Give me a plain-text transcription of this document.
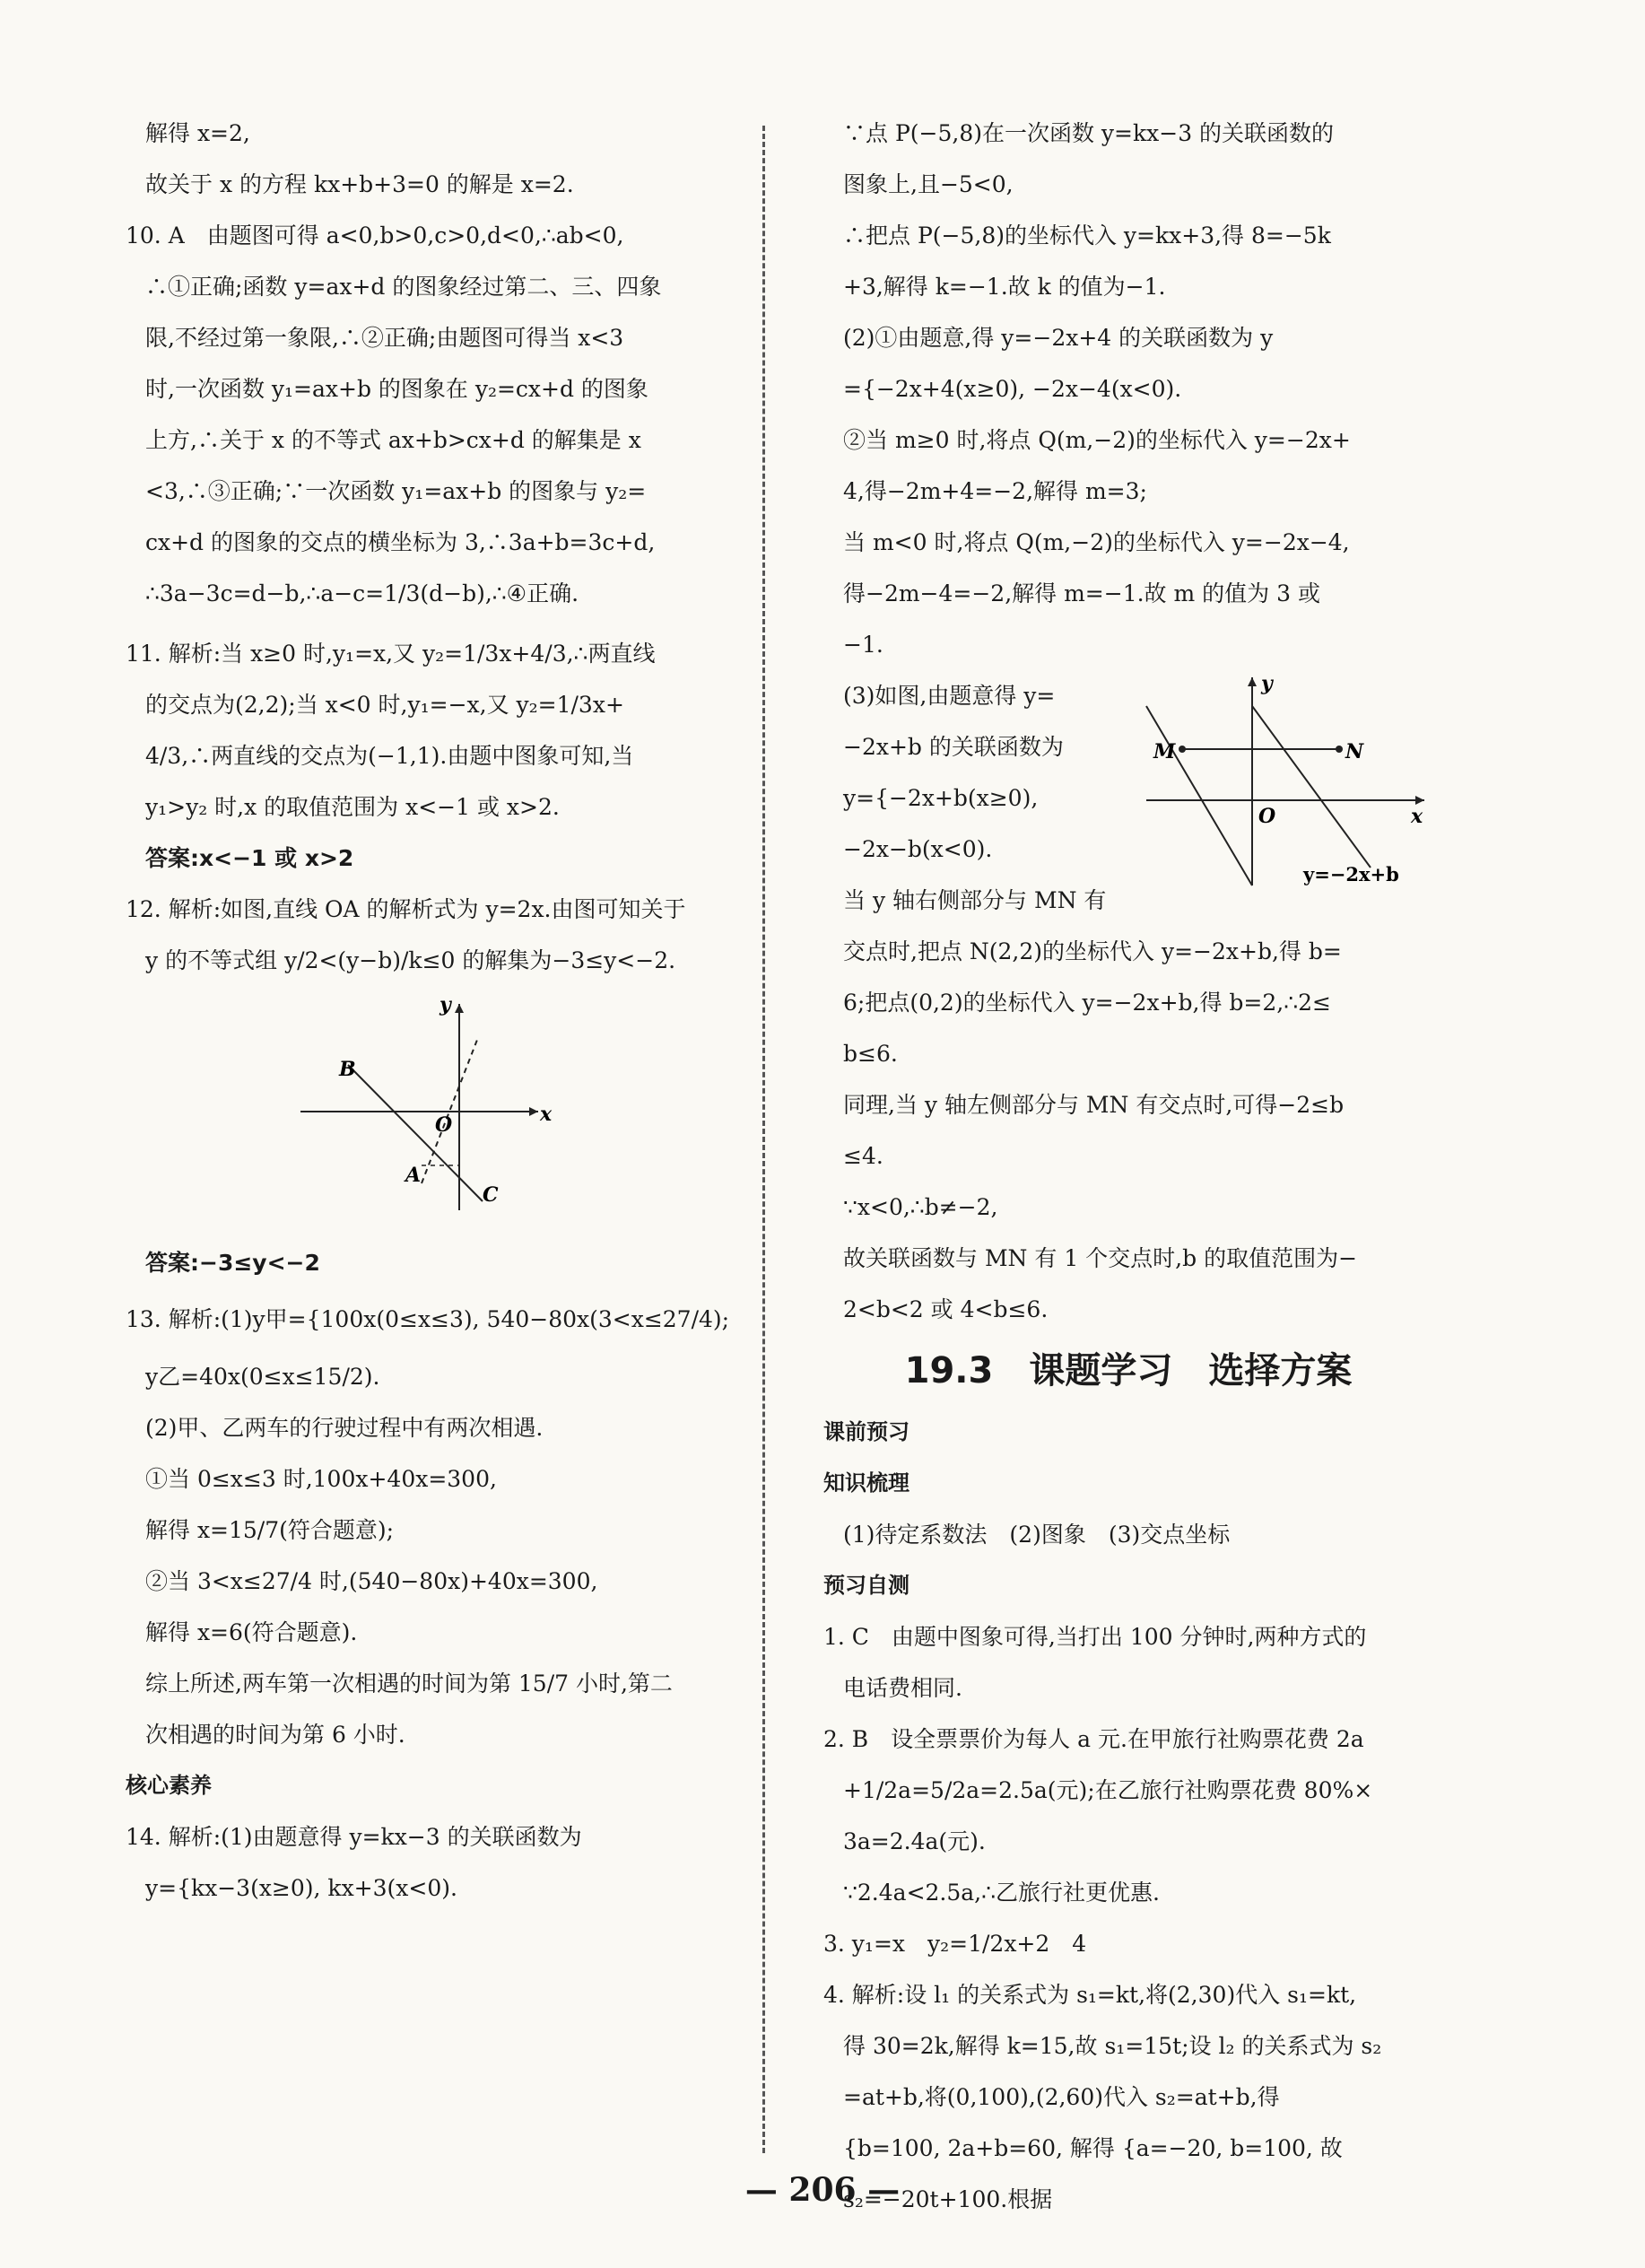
解得 x=2,

故关于 x 的方程 kx+b+3=0 的解是 x=2.

10. A　由题图可得 a<0,b>0,c>0,d<0,∴ab<0,

∴①正确;函数 y=ax+d 的图象经过第二、三、四象

限,不经过第一象限,∴②正确;由题图可得当 x<3

时,一次函数 y₁=ax+b 的图象在 y₂=cx+d 的图象

上方,∴关于 x 的不等式 ax+b>cx+d 的解集是 x

<3,∴③正确;∵一次函数 y₁=ax+b 的图象与 y₂=

cx+d 的图象的交点的横坐标为 3,∴3a+b=3c+d,

∴3a−3c=d−b,∴a−c=1/3(d−b),∴④正确.

11. 解析:当 x≥0 时,y₁=x,又 y₂=1/3x+4/3,∴两直线

的交点为(2,2);当 x<0 时,y₁=−x,又 y₂=1/3x+

4/3,∴两直线的交点为(−1,1).由题中图象可知,当

y₁>y₂ 时,x 的取值范围为 x<−1 或 x>2.

答案:x<−1 或 x>2

12. 解析:如图,直线 OA 的解析式为 y=2x.由图可知关于

y 的不等式组 y/2<(y−b)/k≤0 的解集为−3≤y<−2.

B
O
A
C
y
x

答案:−3≤y<−2

13. 解析:(1)y甲={100x(0≤x≤3), 540−80x(3<x≤27/4);

y乙=40x(0≤x≤15/2).

(2)甲、乙两车的行驶过程中有两次相遇.

①当 0≤x≤3 时,100x+40x=300,

解得 x=15/7(符合题意);

②当 3<x≤27/4 时,(540−80x)+40x=300,

解得 x=6(符合题意).

综上所述,两车第一次相遇的时间为第 15/7 小时,第二

次相遇的时间为第 6 小时.

核心素养

14. 解析:(1)由题意得 y=kx−3 的关联函数为

y={kx−3(x≥0), kx+3(x<0).

∵点 P(−5,8)在一次函数 y=kx−3 的关联函数的

图象上,且−5<0,

∴把点 P(−5,8)的坐标代入 y=kx+3,得 8=−5k

+3,解得 k=−1.故 k 的值为−1.

(2)①由题意,得 y=−2x+4 的关联函数为 y

={−2x+4(x≥0), −2x−4(x<0).

②当 m≥0 时,将点 Q(m,−2)的坐标代入 y=−2x+

4,得−2m+4=−2,解得 m=3;

当 m<0 时,将点 Q(m,−2)的坐标代入 y=−2x−4,

得−2m−4=−2,解得 m=−1.故 m 的值为 3 或

−1.

(3)如图,由题意得 y=

−2x+b 的关联函数为

y={−2x+b(x≥0), −2x−b(x<0).

当 y 轴右侧部分与 MN 有

M	N
O
y
x
y=−2x+b

交点时,把点 N(2,2)的坐标代入 y=−2x+b,得 b=

6;把点(0,2)的坐标代入 y=−2x+b,得 b=2,∴2≤

b≤6.

同理,当 y 轴左侧部分与 MN 有交点时,可得−2≤b

≤4.

∵x<0,∴b≠−2,

故关联函数与 MN 有 1 个交点时,b 的取值范围为−

2<b<2 或 4<b≤6.

19.3　课题学习　选择方案

课前预习

知识梳理

(1)待定系数法　(2)图象　(3)交点坐标

预习自测

1. C　由题中图象可得,当打出 100 分钟时,两种方式的

电话费相同.

2. B　设全票票价为每人 a 元.在甲旅行社购票花费 2a

+1/2a=5/2a=2.5a(元);在乙旅行社购票花费 80%×

3a=2.4a(元).

∵2.4a<2.5a,∴乙旅行社更优惠.

3. y₁=x　y₂=1/2x+2　4

4. 解析:设 l₁ 的关系式为 s₁=kt,将(2,30)代入 s₁=kt,

得 30=2k,解得 k=15,故 s₁=15t;设 l₂ 的关系式为 s₂

=at+b,将(0,100),(2,60)代入 s₂=at+b,得

{b=100, 2a+b=60, 解得 {a=−20, b=100, 故 s₂=−20t+100.根据

— 206 —
